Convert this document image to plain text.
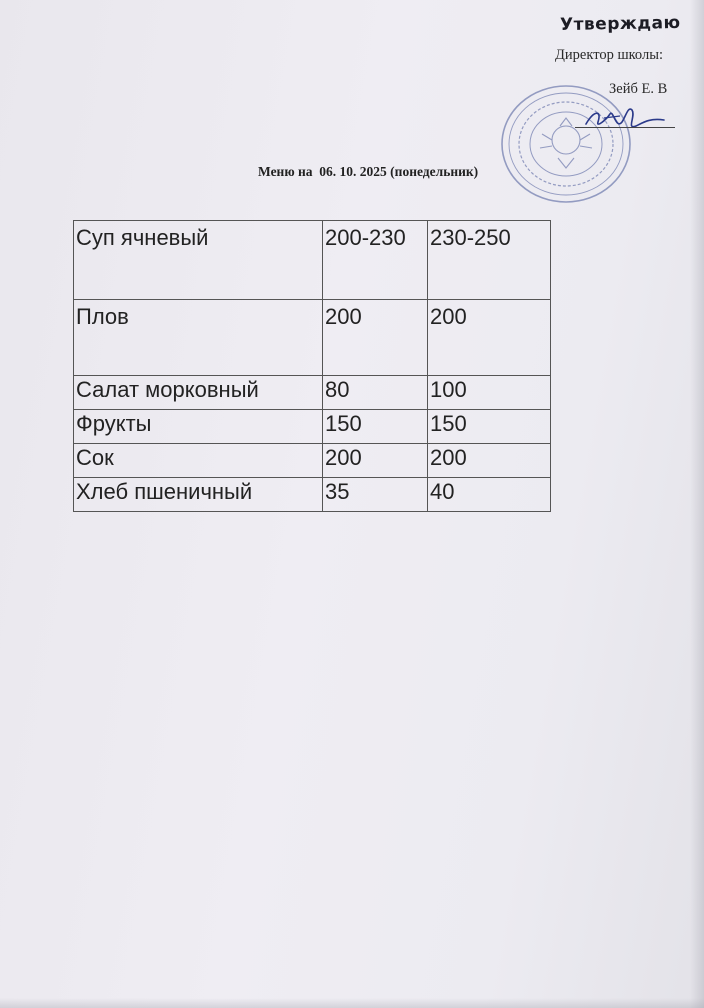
Утверждаю
Директор школы:
Зейб Е. В
Меню на  06. 10. 2025 (понедельник)
Суп ячневый	200-230	230-250
Плов	200	200
Салат морковный	80	100
Фрукты	150	150
Сок	200	200
Хлеб пшеничный	35	40
